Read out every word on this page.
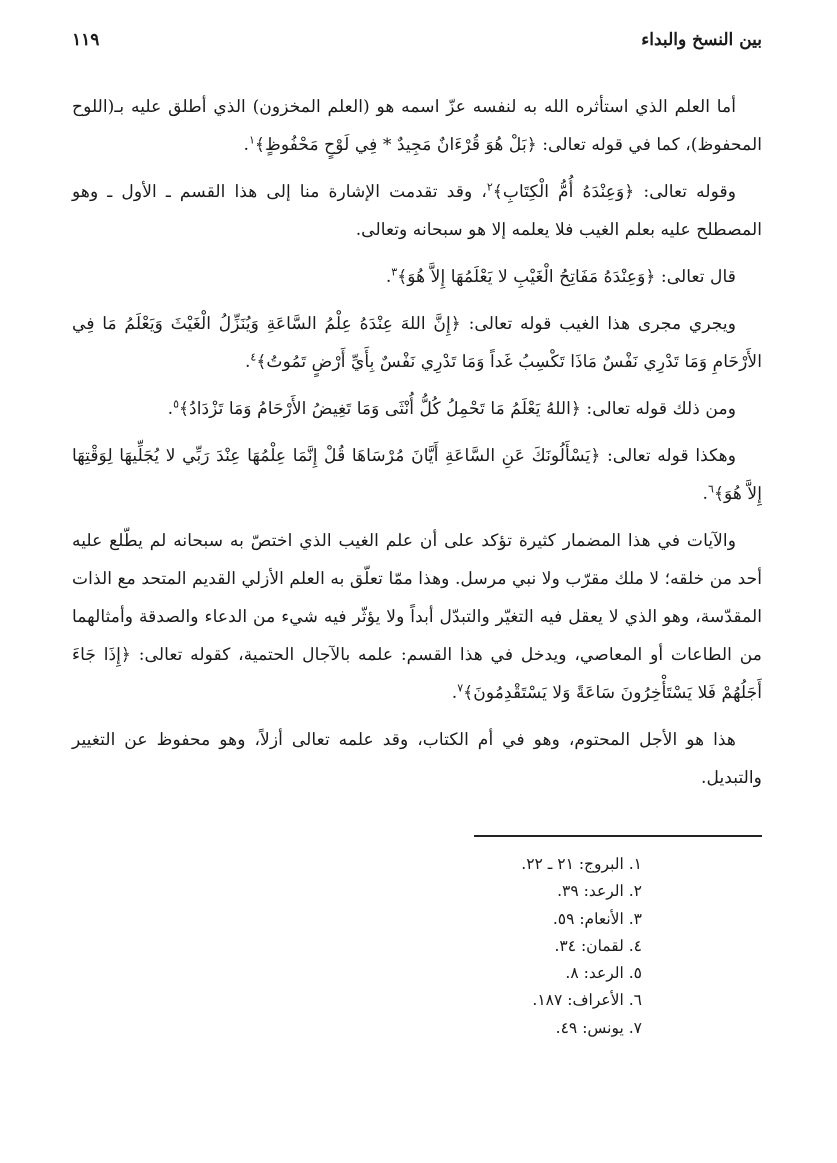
بين النسخ والبداء
١١٩

أما العلم الذي استأثره الله به لنفسه عزّ اسمه هو (العلم المخزون) الذي أطلق عليه بـ(اللوح المحفوظ)، كما في قوله تعالى: ﴿بَلْ هُوَ قُرْءَانٌ مَجِيدٌ * فِي لَوْحٍ مَحْفُوظٍ﴾$^١$.

وقوله تعالى: ﴿وَعِنْدَهُ أُمُّ الْكِتَابِ﴾$^٢$، وقد تقدمت الإشارة منا إلى هذا القسم ـ الأول ـ وهو المصطلح عليه بعلم الغيب فلا يعلمه إلا هو سبحانه وتعالى.

قال تعالى: ﴿وَعِنْدَهُ مَفَاتِحُ الْغَيْبِ لا يَعْلَمُهَا إِلاَّ هُوَ﴾$^٣$.

ويجري مجرى هذا الغيب قوله تعالى: ﴿إِنَّ اللهَ عِنْدَهُ عِلْمُ السَّاعَةِ وَيُنَزِّلُ الْغَيْثَ وَيَعْلَمُ مَا فِي الأَرْحَامِ وَمَا تَدْرِي نَفْسٌ مَاذَا تَكْسِبُ غَداً وَمَا تَدْرِي نَفْسٌ بِأَيِّ أَرْضٍ تَمُوتُ﴾$^٤$.

ومن ذلك قوله تعالى: ﴿اللهُ يَعْلَمُ مَا تَحْمِلُ كُلُّ أُنْثَى وَمَا تَغِيضُ الأَرْحَامُ وَمَا تَزْدَادُ﴾$^٥$.

وهكذا قوله تعالى: ﴿يَسْأَلُونَكَ عَنِ السَّاعَةِ أَيَّانَ مُرْسَاهَا قُلْ إِنَّمَا عِلْمُهَا عِنْدَ رَبِّي لا يُجَلِّيهَا لِوَقْتِهَا إِلاَّ هُوَ﴾$^٦$.

والآيات في هذا المضمار كثيرة تؤكد على أن علم الغيب الذي اختصّ به سبحانه لم يطّلع عليه أحد من خلقه؛ لا ملك مقرّب ولا نبي مرسل. وهذا ممّا تعلّق به العلم الأزلي القديم المتحد مع الذات المقدّسة، وهو الذي لا يعقل فيه التغيّر والتبدّل أبداً ولا يؤثّر فيه شيء من الدعاء والصدقة وأمثالهما من الطاعات أو المعاصي، ويدخل في هذا القسم: علمه بالآجال الحتمية، كقوله تعالى: ﴿إِذَا جَاءَ أَجَلُهُمْ فَلا يَسْتَأْخِرُونَ سَاعَةً وَلا يَسْتَقْدِمُونَ﴾$^٧$.

هذا هو الأجل المحتوم، وهو في أم الكتاب، وقد علمه تعالى أزلاً، وهو محفوظ عن التغيير والتبديل.

١. البروج: ٢١ ـ ٢٢.
٢. الرعد: ٣٩.
٣. الأنعام: ٥٩.
٤. لقمان: ٣٤.
٥. الرعد: ٨.
٦. الأعراف: ١٨٧.
٧. يونس: ٤٩.
